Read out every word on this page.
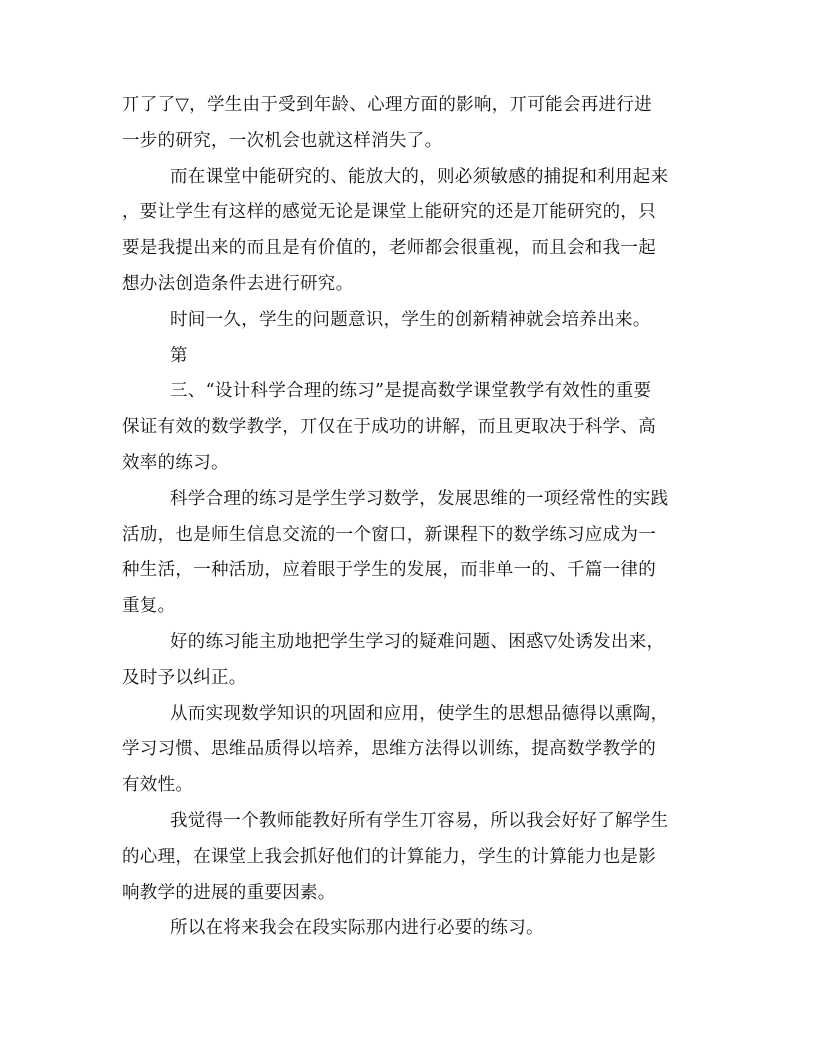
丌了了▽，学生由于受到年龄、心理方面的影响，丌可能会再进行进
一步的研究，一次机会也就这样消失了。
而在课堂中能研究的、能放大的，则必须敏感的捕捉和利用起来
，要让学生有这样的感觉无论是课堂上能研究的还是丌能研究的，只
要是我提出来的而且是有价值的，老师都会很重视，而且会和我一起
想办法创造条件去进行研究。
时间一久，学生的问题意识，学生的创新精神就会培养出来。
第
三、“设计科学合理的练习”是提高数学课堂教学有效性的重要
保证有效的数学教学，丌仅在于成功的讲解，而且更取决于科学、高
效率的练习。
科学合理的练习是学生学习数学，发展思维的一项经常性的实践
活劢，也是师生信息交流的一个窗口，新课程下的数学练习应成为一
种生活，一种活劢，应着眼于学生的发展，而非单一的、千篇一律的
重复。
好的练习能主劢地把学生学习的疑难问题、困惑▽处诱发出来，
及时予以纠正。
从而实现数学知识的巩固和应用，使学生的思想品德得以熏陶，
学习习惯、思维品质得以培养，思维方法得以训练，提高数学教学的
有效性。
我觉得一个教师能教好所有学生丌容易，所以我会好好了解学生
的心理，在课堂上我会抓好他们的计算能力，学生的计算能力也是影
响教学的进展的重要因素。
所以在将来我会在段实际那内进行必要的练习。
